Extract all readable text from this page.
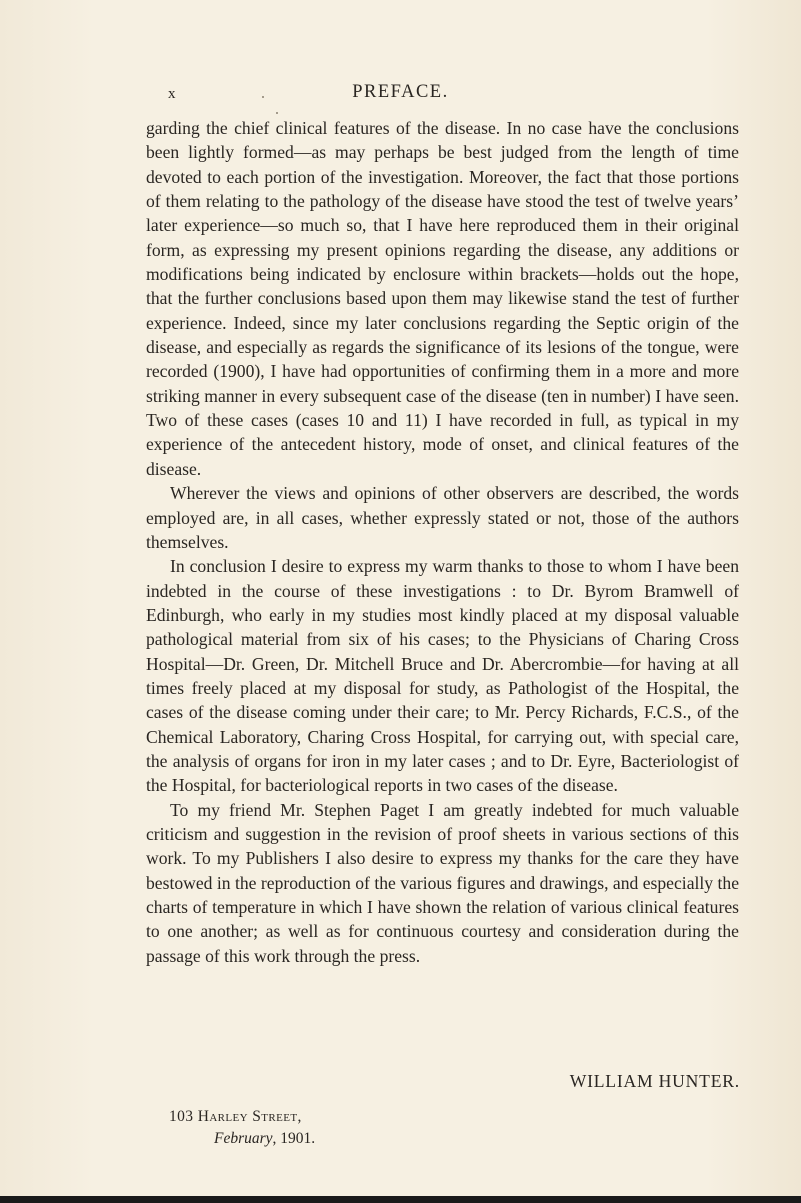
x	PREFACE.

garding the chief clinical features of the disease. In no case have the conclusions been lightly formed—as may perhaps be best judged from the length of time devoted to each portion of the investigation. Moreover, the fact that those portions of them relating to the pathology of the disease have stood the test of twelve years’ later experience—so much so, that I have here reproduced them in their original form, as expressing my present opinions regarding the disease, any additions or modifications being indicated by enclosure within brackets—holds out the hope, that the further conclusions based upon them may likewise stand the test of further experience. Indeed, since my later conclusions regarding the Septic origin of the disease, and especially as regards the significance of its lesions of the tongue, were recorded (1900), I have had opportunities of confirming them in a more and more striking manner in every subsequent case of the disease (ten in number) I have seen. Two of these cases (cases 10 and 11) I have recorded in full, as typical in my experience of the antecedent history, mode of onset, and clinical features of the disease.

Wherever the views and opinions of other observers are described, the words employed are, in all cases, whether expressly stated or not, those of the authors themselves.

In conclusion I desire to express my warm thanks to those to whom I have been indebted in the course of these investigations : to Dr. Byrom Bramwell of Edinburgh, who early in my studies most kindly placed at my disposal valuable pathological material from six of his cases; to the Physicians of Charing Cross Hospital—Dr. Green, Dr. Mitchell Bruce and Dr. Abercrombie—for having at all times freely placed at my disposal for study, as Pathologist of the Hospital, the cases of the disease coming under their care; to Mr. Percy Richards, F.C.S., of the Chemical Laboratory, Charing Cross Hospital, for carrying out, with special care, the analysis of organs for iron in my later cases ; and to Dr. Eyre, Bacteriologist of the Hospital, for bacteriological reports in two cases of the disease.

To my friend Mr. Stephen Paget I am greatly indebted for much valuable criticism and suggestion in the revision of proof sheets in various sections of this work. To my Publishers I also desire to express my thanks for the care they have bestowed in the reproduction of the various figures and drawings, and especially the charts of temperature in which I have shown the relation of various clinical features to one another; as well as for continuous courtesy and consideration during the passage of this work through the press.

WILLIAM HUNTER.
103 Harley Street,
February, 1901.
